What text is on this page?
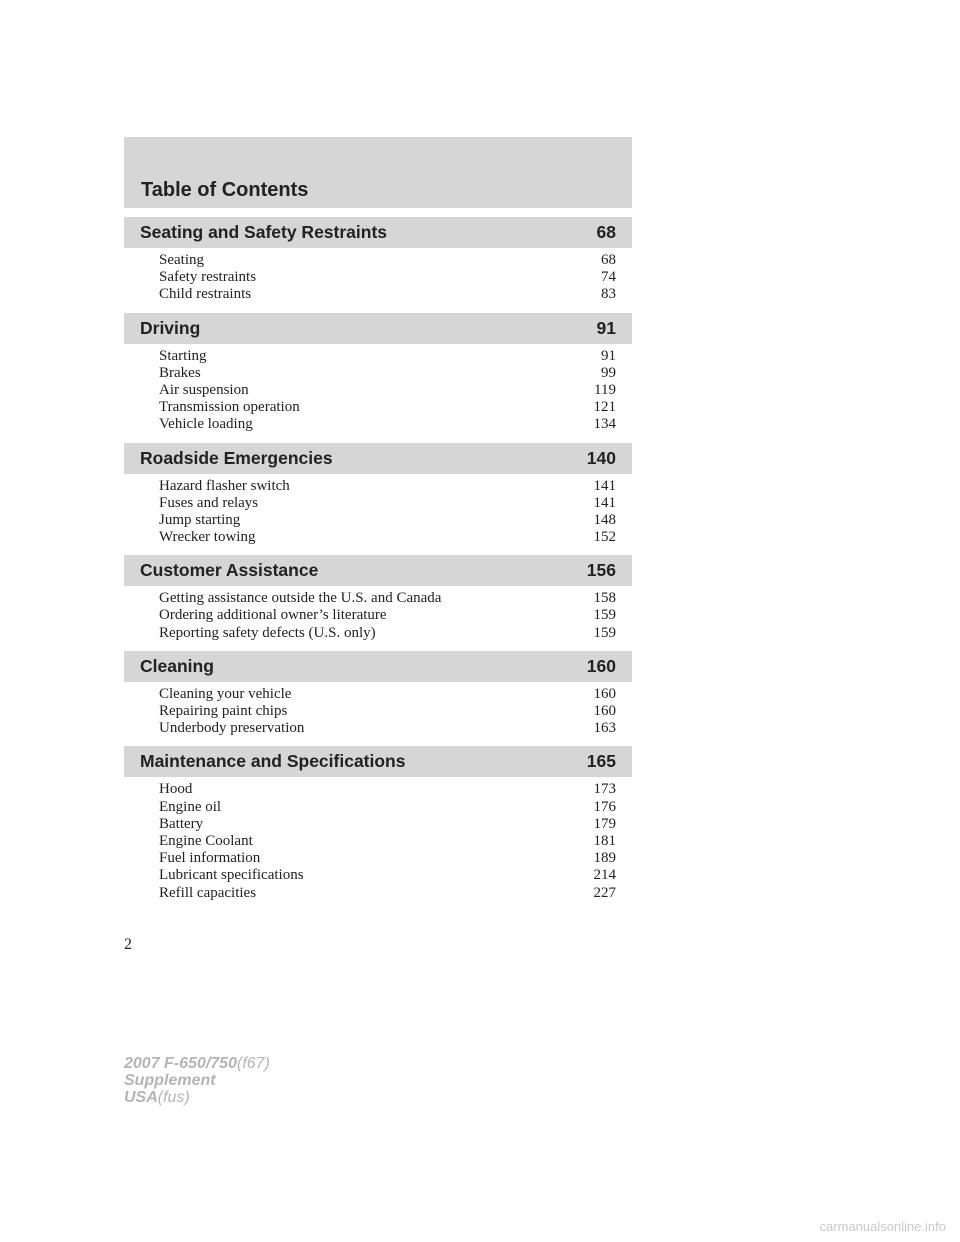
Table of Contents
Seating and Safety Restraints	68
Seating	68
Safety restraints	74
Child restraints	83
Driving	91
Starting	91
Brakes	99
Air suspension	119
Transmission operation	121
Vehicle loading	134
Roadside Emergencies	140
Hazard flasher switch	141
Fuses and relays	141
Jump starting	148
Wrecker towing	152
Customer Assistance	156
Getting assistance outside the U.S. and Canada	158
Ordering additional owner’s literature	159
Reporting safety defects (U.S. only)	159
Cleaning	160
Cleaning your vehicle	160
Repairing paint chips	160
Underbody preservation	163
Maintenance and Specifications	165
Hood	173
Engine oil	176
Battery	179
Engine Coolant	181
Fuel information	189
Lubricant specifications	214
Refill capacities	227
2
2007 F-650/750(f67)
Supplement
USA(fus)
carmanualsonline.info
